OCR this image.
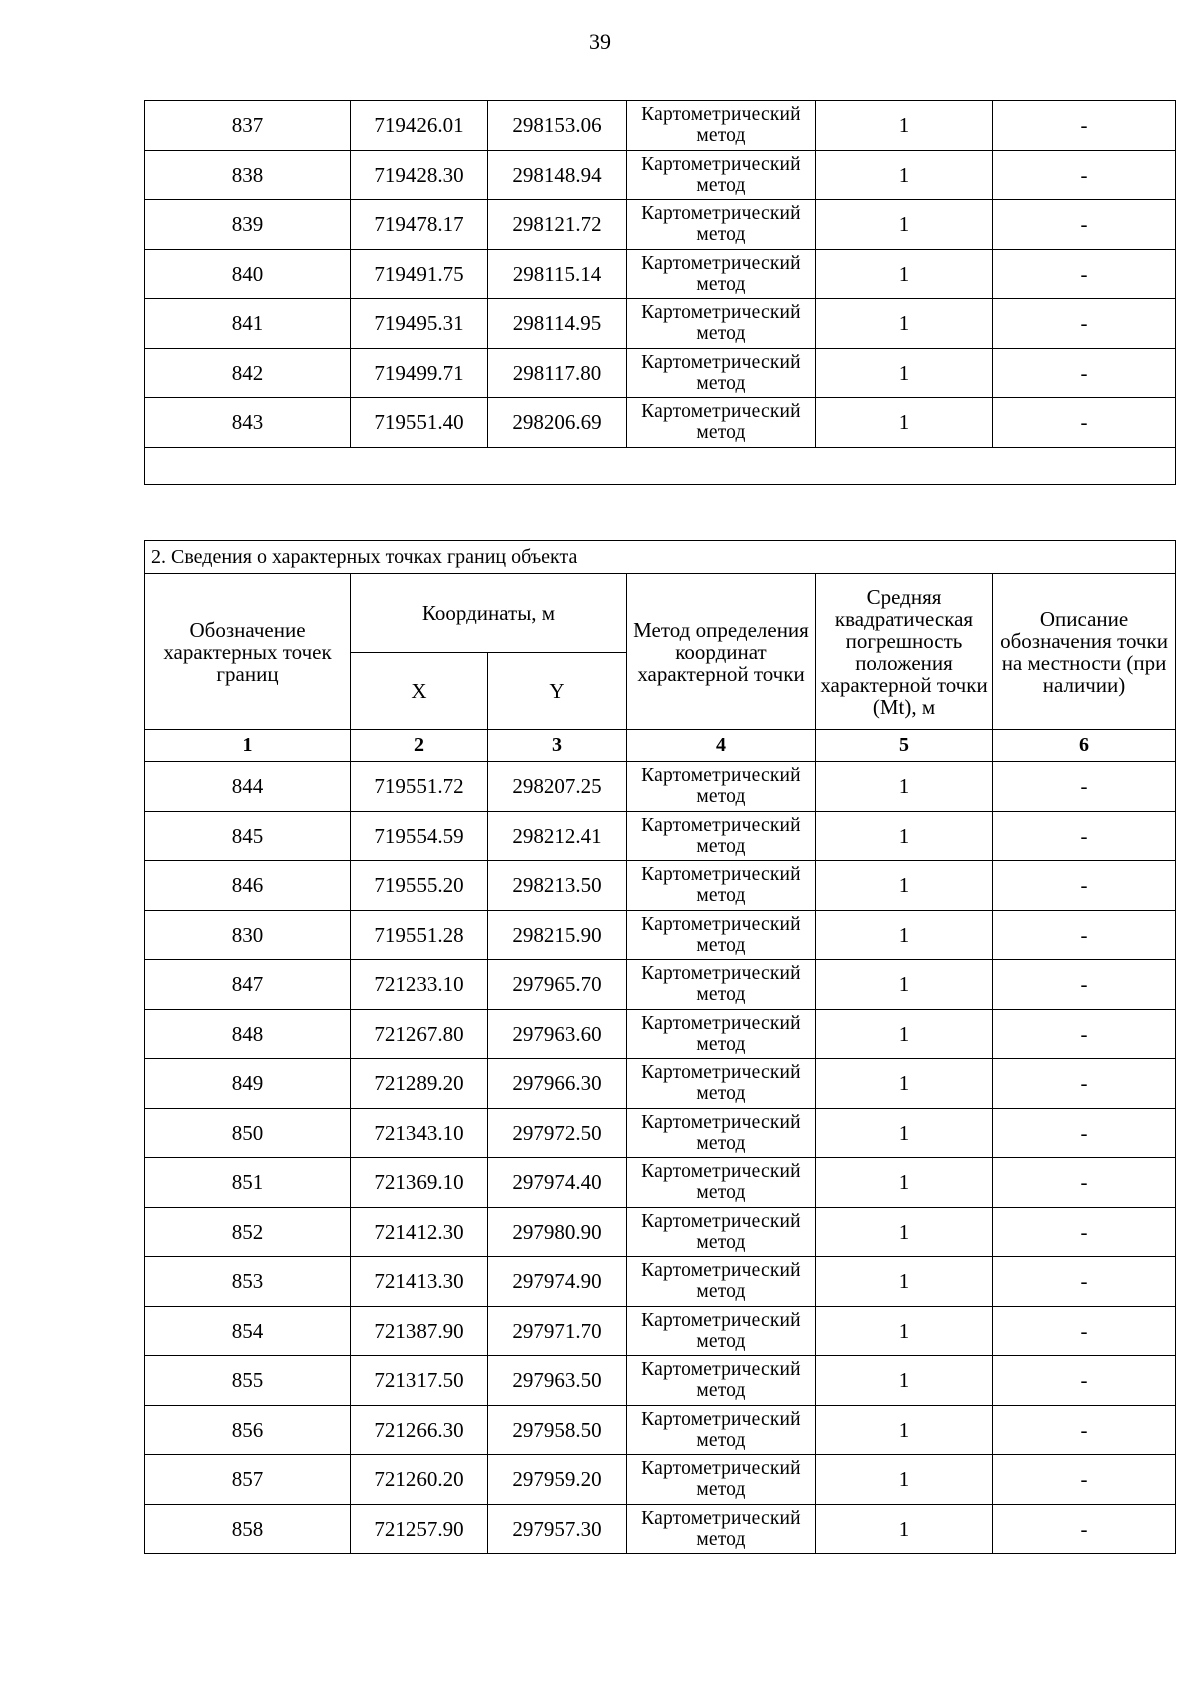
39
837	719426.01	298153.06	Картометрический метод	1	-
838	719428.30	298148.94	Картометрический метод	1	-
839	719478.17	298121.72	Картометрический метод	1	-
840	719491.75	298115.14	Картометрический метод	1	-
841	719495.31	298114.95	Картометрический метод	1	-
842	719499.71	298117.80	Картометрический метод	1	-
843	719551.40	298206.69	Картометрический метод	1	-

2. Сведения о характерных точках границ объекта					
Обозначение характерных точек границ	Координаты, м		Метод определения координат характерной точки	Средняя квадратическая погрешность положения характерной точки (Mt), м	Описание обозначения точки на местности (при наличии)
	X	Y			
1	2	3	4	5	6
844	719551.72	298207.25	Картометрический метод	1	-
845	719554.59	298212.41	Картометрический метод	1	-
846	719555.20	298213.50	Картометрический метод	1	-
830	719551.28	298215.90	Картометрический метод	1	-
847	721233.10	297965.70	Картометрический метод	1	-
848	721267.80	297963.60	Картометрический метод	1	-
849	721289.20	297966.30	Картометрический метод	1	-
850	721343.10	297972.50	Картометрический метод	1	-
851	721369.10	297974.40	Картометрический метод	1	-
852	721412.30	297980.90	Картометрический метод	1	-
853	721413.30	297974.90	Картометрический метод	1	-
854	721387.90	297971.70	Картометрический метод	1	-
855	721317.50	297963.50	Картометрический метод	1	-
856	721266.30	297958.50	Картометрический метод	1	-
857	721260.20	297959.20	Картометрический метод	1	-
858	721257.90	297957.30	Картометрический метод	1	-
